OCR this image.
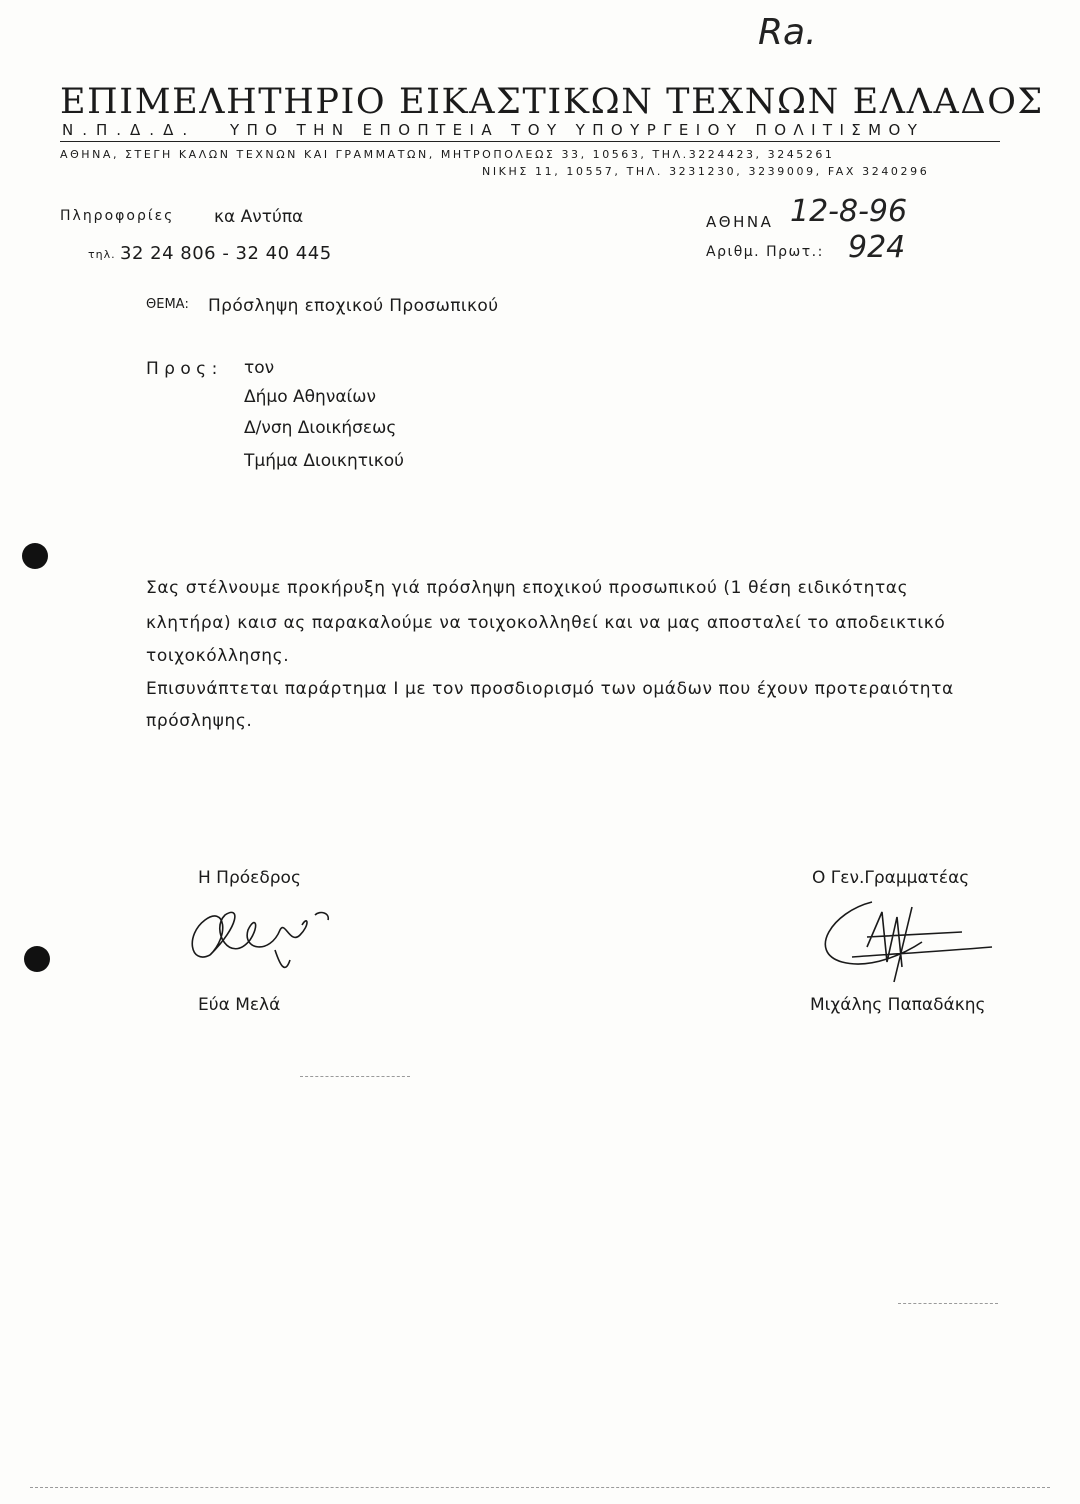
Ra.
ΕΠΙΜΕΛΗΤΗΡΙΟ ΕΙΚΑΣΤΙΚΩΝ ΤΕΧΝΩΝ ΕΛΛΑΔΟΣ
Ν.Π.Δ.Δ. ΥΠΟ ΤΗΝ ΕΠΟΠΤΕΙΑ ΤΟΥ ΥΠΟΥΡΓΕΙΟΥ ΠΟΛΙΤΙΣΜΟΥ
ΑΘΗΝΑ, ΣΤΕΓΗ ΚΑΛΩΝ ΤΕΧΝΩΝ ΚΑΙ ΓΡΑΜΜΑΤΩΝ, ΜΗΤΡΟΠΟΛΕΩΣ 33, 10563, ΤΗΛ.3224423, 3245261
ΝΙΚΗΣ 11, 10557, ΤΗΛ. 3231230, 3239009, FAX 3240296
Πληροφορίες κα Αντύπα
τηλ. 32 24 806 - 32 40 445
ΑΘΗΝΑ 12-8-96
Αριθμ. Πρωτ.: 924
ΘΕΜΑ: Πρόσληψη εποχικού Προσωπικού
Π ρ ο ς : τον
Δήμο Αθηναίων
Δ/νση Διοικήσεως
Τμήμα Διοικητικού
Σας στέλνουμε προκήρυξη γιά πρόσληψη εποχικού προσωπικού (1 θέση ειδικότητας
κλητήρα) καισ ας παρακαλούμε να τοιχοκολληθεί και να μας αποσταλεί το αποδεικτικό
τοιχοκόλλησης.
Επισυνάπτεται παράρτημα Ι με τον προσδιορισμό των ομάδων που έχουν προτεραιότητα
πρόσληψης.
Η Πρόεδρος
Εύα Μελά
Ο Γεν.Γραμματέας
Μιχάλης Παπαδάκης
